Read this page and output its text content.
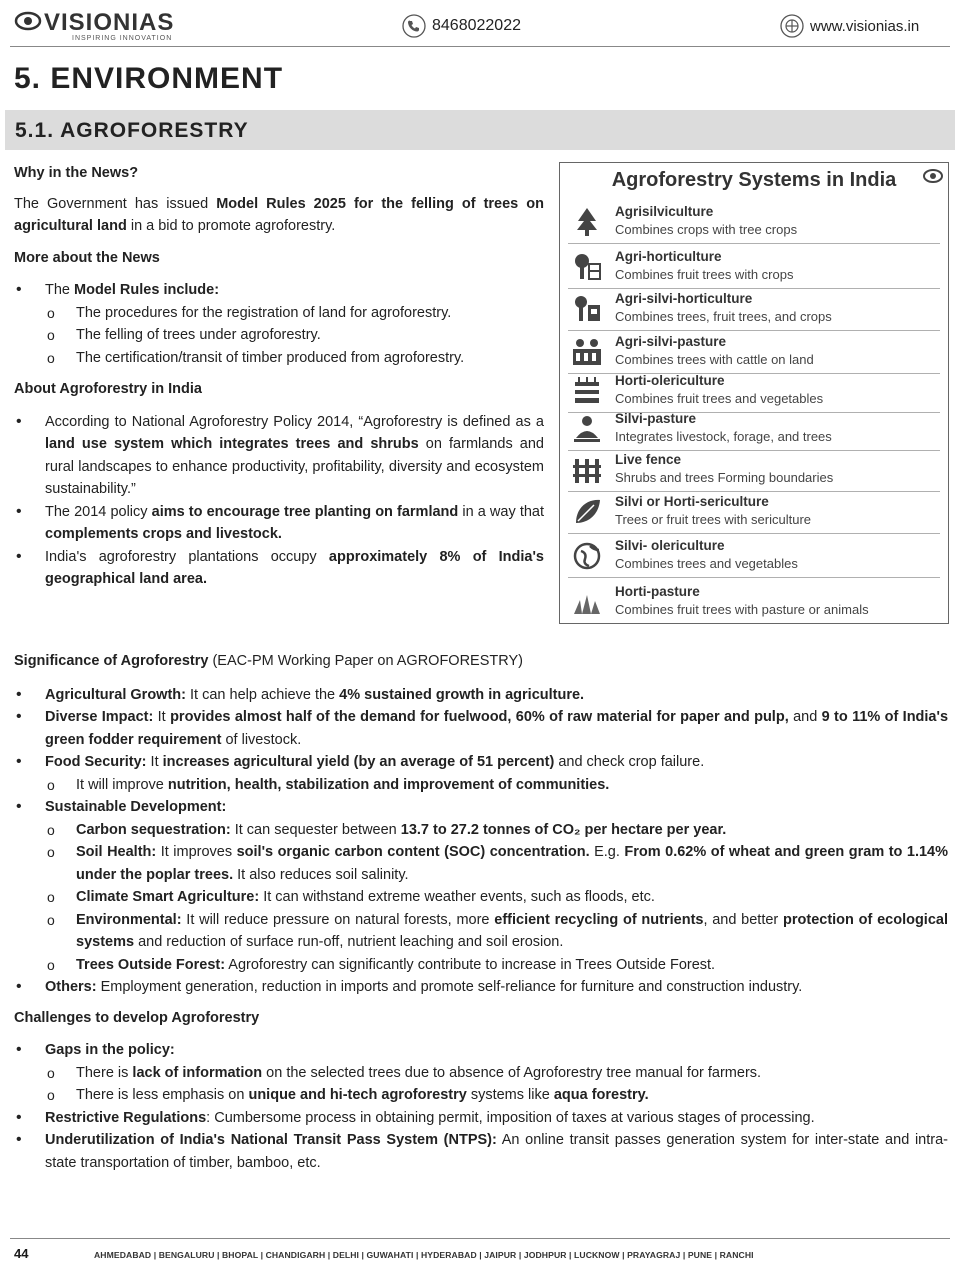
VISIONIAS
INSPIRING INNOVATION
8468022022	www.visionias.in
5. ENVIRONMENT
5.1. AGROFORESTRY

Why in the News?

The Government has issued Model Rules 2025 for the felling of trees on agricultural land in a bid to promote agroforestry.

More about the News

• The Model Rules include:
o The procedures for the registration of land for agroforestry.
o The felling of trees under agroforestry.
o The certification/transit of timber produced from agroforestry.

About Agroforestry in India

• According to National Agroforestry Policy 2014, “Agroforestry is defined as a land use system which integrates trees and shrubs on farmlands and rural landscapes to enhance productivity, profitability, diversity and ecosystem sustainability.”
• The 2014 policy aims to encourage tree planting on farmland in a way that complements crops and livestock.
• India's agroforestry plantations occupy approximately 8% of India's geographical land area.
Agroforestry Systems in India
Agrisilviculture
Combines crops with tree crops
Agri-horticulture
Combines fruit trees with crops
Agri-silvi-horticulture
Combines trees, fruit trees, and crops
Agri-silvi-pasture
Combines trees with cattle on land
Horti-olericulture
Combines fruit trees and vegetables
Silvi-pasture
Integrates livestock, forage, and trees
Live fence
Shrubs and trees Forming boundaries
Silvi or Horti-sericulture
Trees or fruit trees with sericulture
Silvi- olericulture
Combines trees and vegetables
Horti-pasture
Combines fruit trees with pasture or animals

Significance of Agroforestry (EAC-PM Working Paper on AGROFORESTRY)

• Agricultural Growth: It can help achieve the 4% sustained growth in agriculture.
• Diverse Impact: It provides almost half of the demand for fuelwood, 60% of raw material for paper and pulp, and 9 to 11% of India's green fodder requirement of livestock.
• Food Security: It increases agricultural yield (by an average of 51 percent) and check crop failure.
o It will improve nutrition, health, stabilization and improvement of communities.
• Sustainable Development:
o Carbon sequestration: It can sequester between 13.7 to 27.2 tonnes of CO₂ per hectare per year.
o Soil Health: It improves soil's organic carbon content (SOC) concentration. E.g. From 0.62% of wheat and green gram to 1.14% under the poplar trees. It also reduces soil salinity.
o Climate Smart Agriculture: It can withstand extreme weather events, such as floods, etc.
o Environmental: It will reduce pressure on natural forests, more efficient recycling of nutrients, and better protection of ecological systems and reduction of surface run-off, nutrient leaching and soil erosion.
o Trees Outside Forest: Agroforestry can significantly contribute to increase in Trees Outside Forest.
• Others: Employment generation, reduction in imports and promote self-reliance for furniture and construction industry.

Challenges to develop Agroforestry

• Gaps in the policy:
o There is lack of information on the selected trees due to absence of Agroforestry tree manual for farmers.
o There is less emphasis on unique and hi-tech agroforestry systems like aqua forestry.
• Restrictive Regulations: Cumbersome process in obtaining permit, imposition of taxes at various stages of processing.
• Underutilization of India's National Transit Pass System (NTPS): An online transit passes generation system for inter-state and intra-state transportation of timber, bamboo, etc.
44	AHMEDABAD | BENGALURU | BHOPAL | CHANDIGARH | DELHI | GUWAHATI | HYDERABAD | JAIPUR | JODHPUR | LUCKNOW | PRAYAGRAJ | PUNE | RANCHI
